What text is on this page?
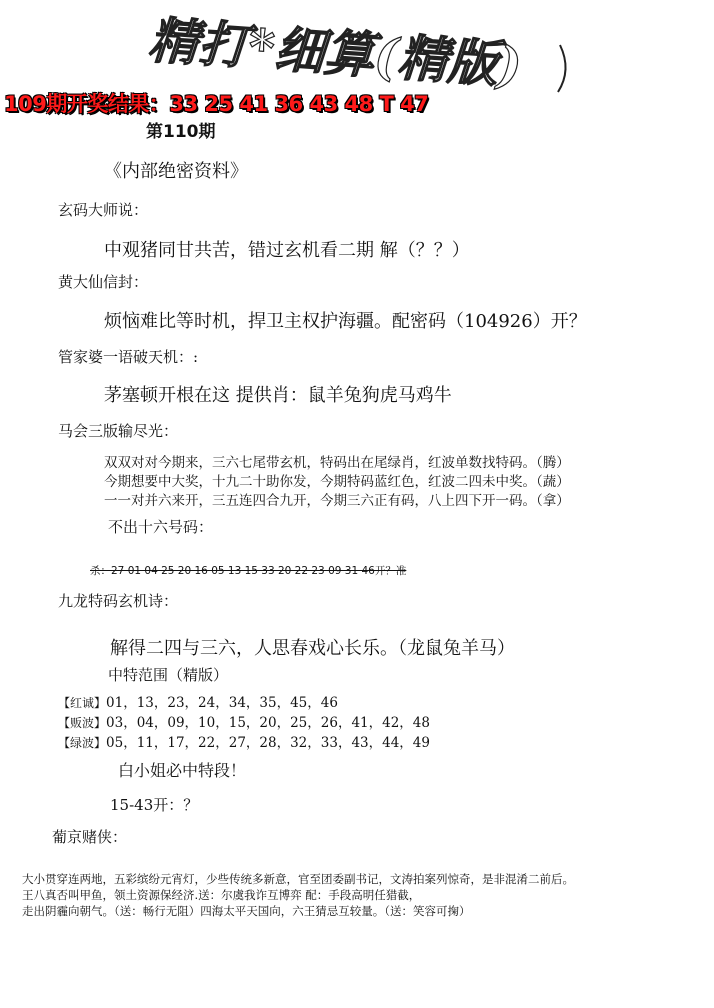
精打*细算(精版)
109期开奖结果：33 25 41 36 43 48 T 47
第110期
《内部绝密资料》
玄码大师说：
中观猪同甘共苦，错过玄机看二期 解（？？）
黄大仙信封：
烦恼难比等时机，捍卫主权护海疆。配密码（104926）开？
管家婆一语破天机：:
茅塞顿开根在这 提供肖：鼠羊兔狗虎马鸡牛
马会三版输尽光：
双双对对今期来，三六七尾带玄机，特码出在尾绿肖，红波单数找特码。（腾）
今期想要中大奖，十九二十助你发，今期特码蓝红色，红波二四未中奖。（蔬）
一一对并六来开，三五连四合九开，今期三六正有码，八上四下开一码。（拿）
不出十六号码：
杀：27 01 04 25 20 16 05 13 15 33 20 22 23 09 31 46开？准
九龙特码玄机诗：
解得二四与三六，人思春戏心长乐。（龙鼠兔羊马）
中特范围（精版）
【红诚】01，13，23，24，34，35，45，46
【贩波】03，04，09，10，15，20，25，26，41，42，48
【绿波】05，11，17，22，27，28，32，33，43，44，49
白小姐必中特段！
15-43开：？
葡京赌侠：
大小贯穿连两地，五彩缤纷元宵灯，少些传统多新意，官至团委副书记，文涛拍案列惊奇，是非混淆二前后。
王八真否叫甲鱼，领土资源保经济.送：尔虞我诈互博弈 配：手段高明任猎截，
走出阴霾向朝气。（送：畅行无阻）四海太平天国向，六王猜忌互较量。（送：笑容可掬）
